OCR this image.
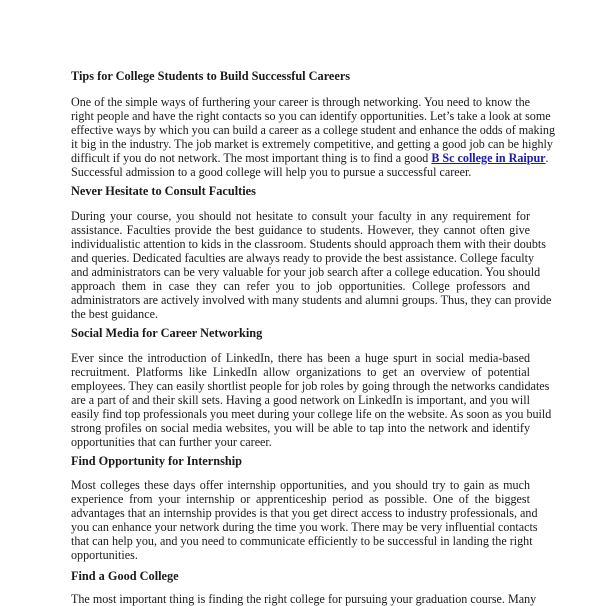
Tips for College Students to Build Successful Careers
One of the simple ways of furthering your career is through networking. You need to know the
right people and have the right contacts so you can identify opportunities. Let’s take a look at some
effective ways by which you can build a career as a college student and enhance the odds of making
it big in the industry. The job market is extremely competitive, and getting a good job can be highly
difficult if you do not network. The most important thing is to find a good B Sc college in Raipur.
Successful admission to a good college will help you to pursue a successful career.
Never Hesitate to Consult Faculties
During your course, you should not hesitate to consult your faculty in any requirement for
assistance. Faculties provide the best guidance to students. However, they cannot often give
individualistic attention to kids in the classroom. Students should approach them with their doubts
and queries. Dedicated faculties are always ready to provide the best assistance. College faculty
and administrators can be very valuable for your job search after a college education. You should
approach them in case they can refer you to job opportunities. College professors and
administrators are actively involved with many students and alumni groups. Thus, they can provide
the best guidance.
Social Media for Career Networking
Ever since the introduction of LinkedIn, there has been a huge spurt in social media-based
recruitment. Platforms like LinkedIn allow organizations to get an overview of potential
employees. They can easily shortlist people for job roles by going through the networks candidates
are a part of and their skill sets. Having a good network on LinkedIn is important, and you will
easily find top professionals you meet during your college life on the website. As soon as you build
strong profiles on social media websites, you will be able to tap into the network and identify
opportunities that can further your career.
Find Opportunity for Internship
Most colleges these days offer internship opportunities, and you should try to gain as much
experience from your internship or apprenticeship period as possible. One of the biggest
advantages that an internship provides is that you get direct access to industry professionals, and
you can enhance your network during the time you work. There may be very influential contacts
that can help you, and you need to communicate efficiently to be successful in landing the right
opportunities.
Find a Good College
The most important thing is finding the right college for pursuing your graduation course. Many
